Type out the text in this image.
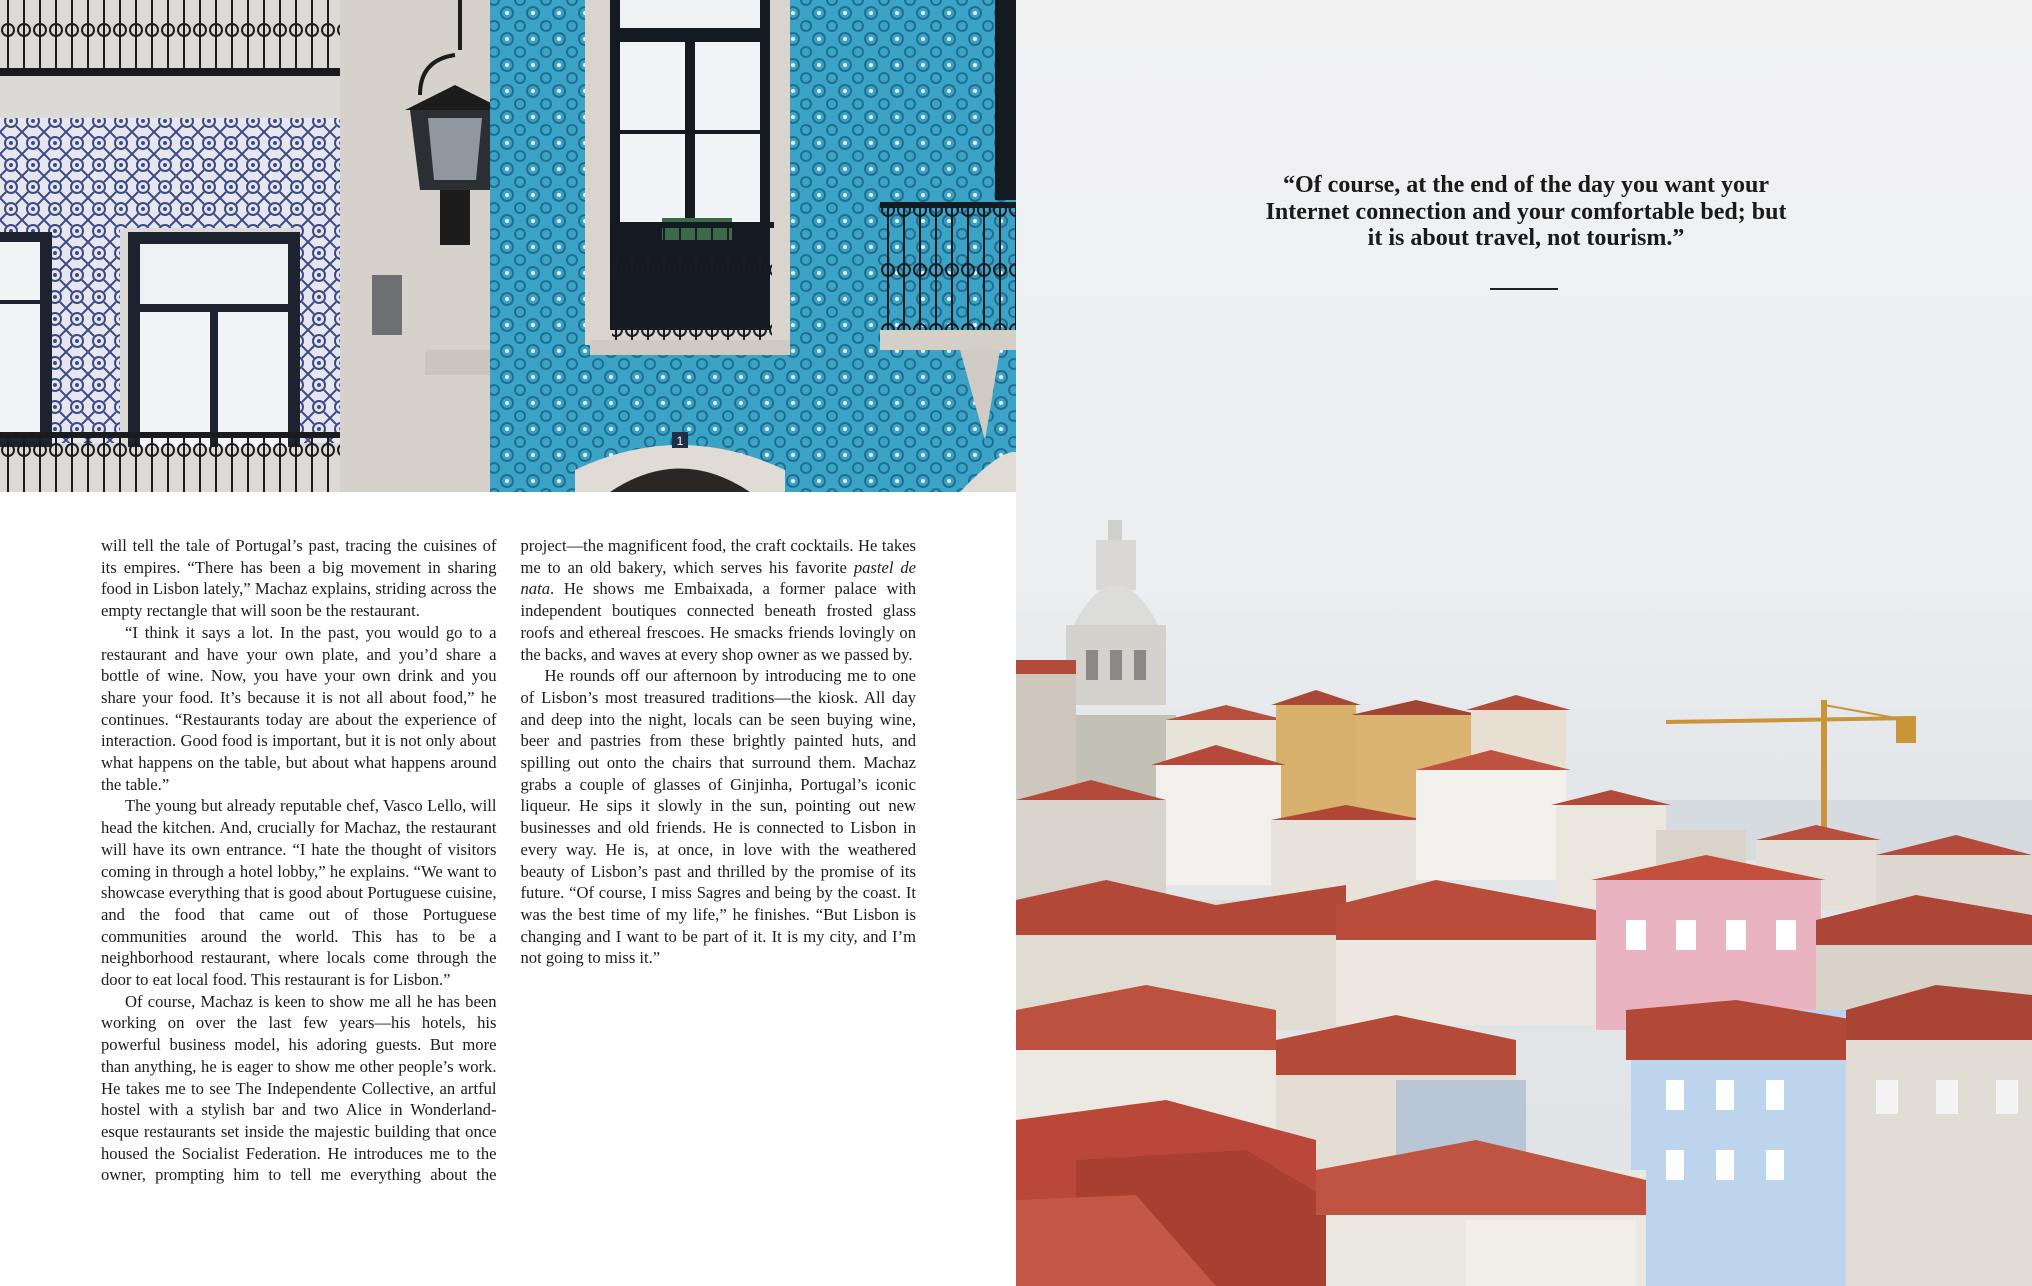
1

will tell the tale of Portugal’s past, tracing the cuisines of its empires. “There has been a big movement in sharing food in Lisbon lately,” Machaz explains, striding across the empty rectangle that will soon be the restaurant.

“I think it says a lot. In the past, you would go to a restaurant and have your own plate, and you’d share a bottle of wine. Now, you have your own drink and you share your food. It’s because it is not all about food,” he continues. “Restaurants today are about the experience of interaction. Good food is important, but it is not only about what happens on the table, but about what happens around the table.”

The young but already reputable chef, Vasco Lello, will head the kitchen. And, crucially for Machaz, the restaurant will have its own entrance. “I hate the thought of visitors coming in through a hotel lobby,” he explains. “We want to showcase everything that is good about Portuguese cuisine, and the food that came out of those Portuguese communities around the world. This has to be a neighborhood restaurant, where locals come through the door to eat local food. This restaurant is for Lisbon.”

Of course, Machaz is keen to show me all he has been working on over the last few years—his hotels, his powerful business model, his adoring guests. But more than anything, he is eager to show me other people’s work. He takes me to see The Independente Collective, an artful hostel with a stylish bar and two Alice in Wonderland-esque restaurants set inside the majestic building that once housed the Socialist Federation. He introduces me to the owner, prompting him to tell me everything about the project—the magnificent food, the craft cocktails. He takes me to an old bakery, which serves his favorite pastel de nata. He shows me Embaixada, a former palace with independent boutiques connected beneath frosted glass roofs and ethereal frescoes. He smacks friends lovingly on the backs, and waves at every shop owner as we passed by.

He rounds off our afternoon by introducing me to one of Lisbon’s most treasured traditions—the kiosk. All day and deep into the night, locals can be seen buying wine, beer and pastries from these brightly painted huts, and spilling out onto the chairs that surround them. Machaz grabs a couple of glasses of Ginjinha, Portugal’s iconic liqueur. He sips it slowly in the sun, pointing out new businesses and old friends. He is connected to Lisbon in every way. He is, at once, in love with the weathered beauty of Lisbon’s past and thrilled by the promise of its future. “Of course, I miss Sagres and being by the coast. It was the best time of my life,” he finishes. “But Lisbon is changing and I want to be part of it. It is my city, and I’m not going to miss it.”

“Of course, at the end of the day you want your
Internet connection and your comfortable bed; but
it is about travel, not tourism.”
